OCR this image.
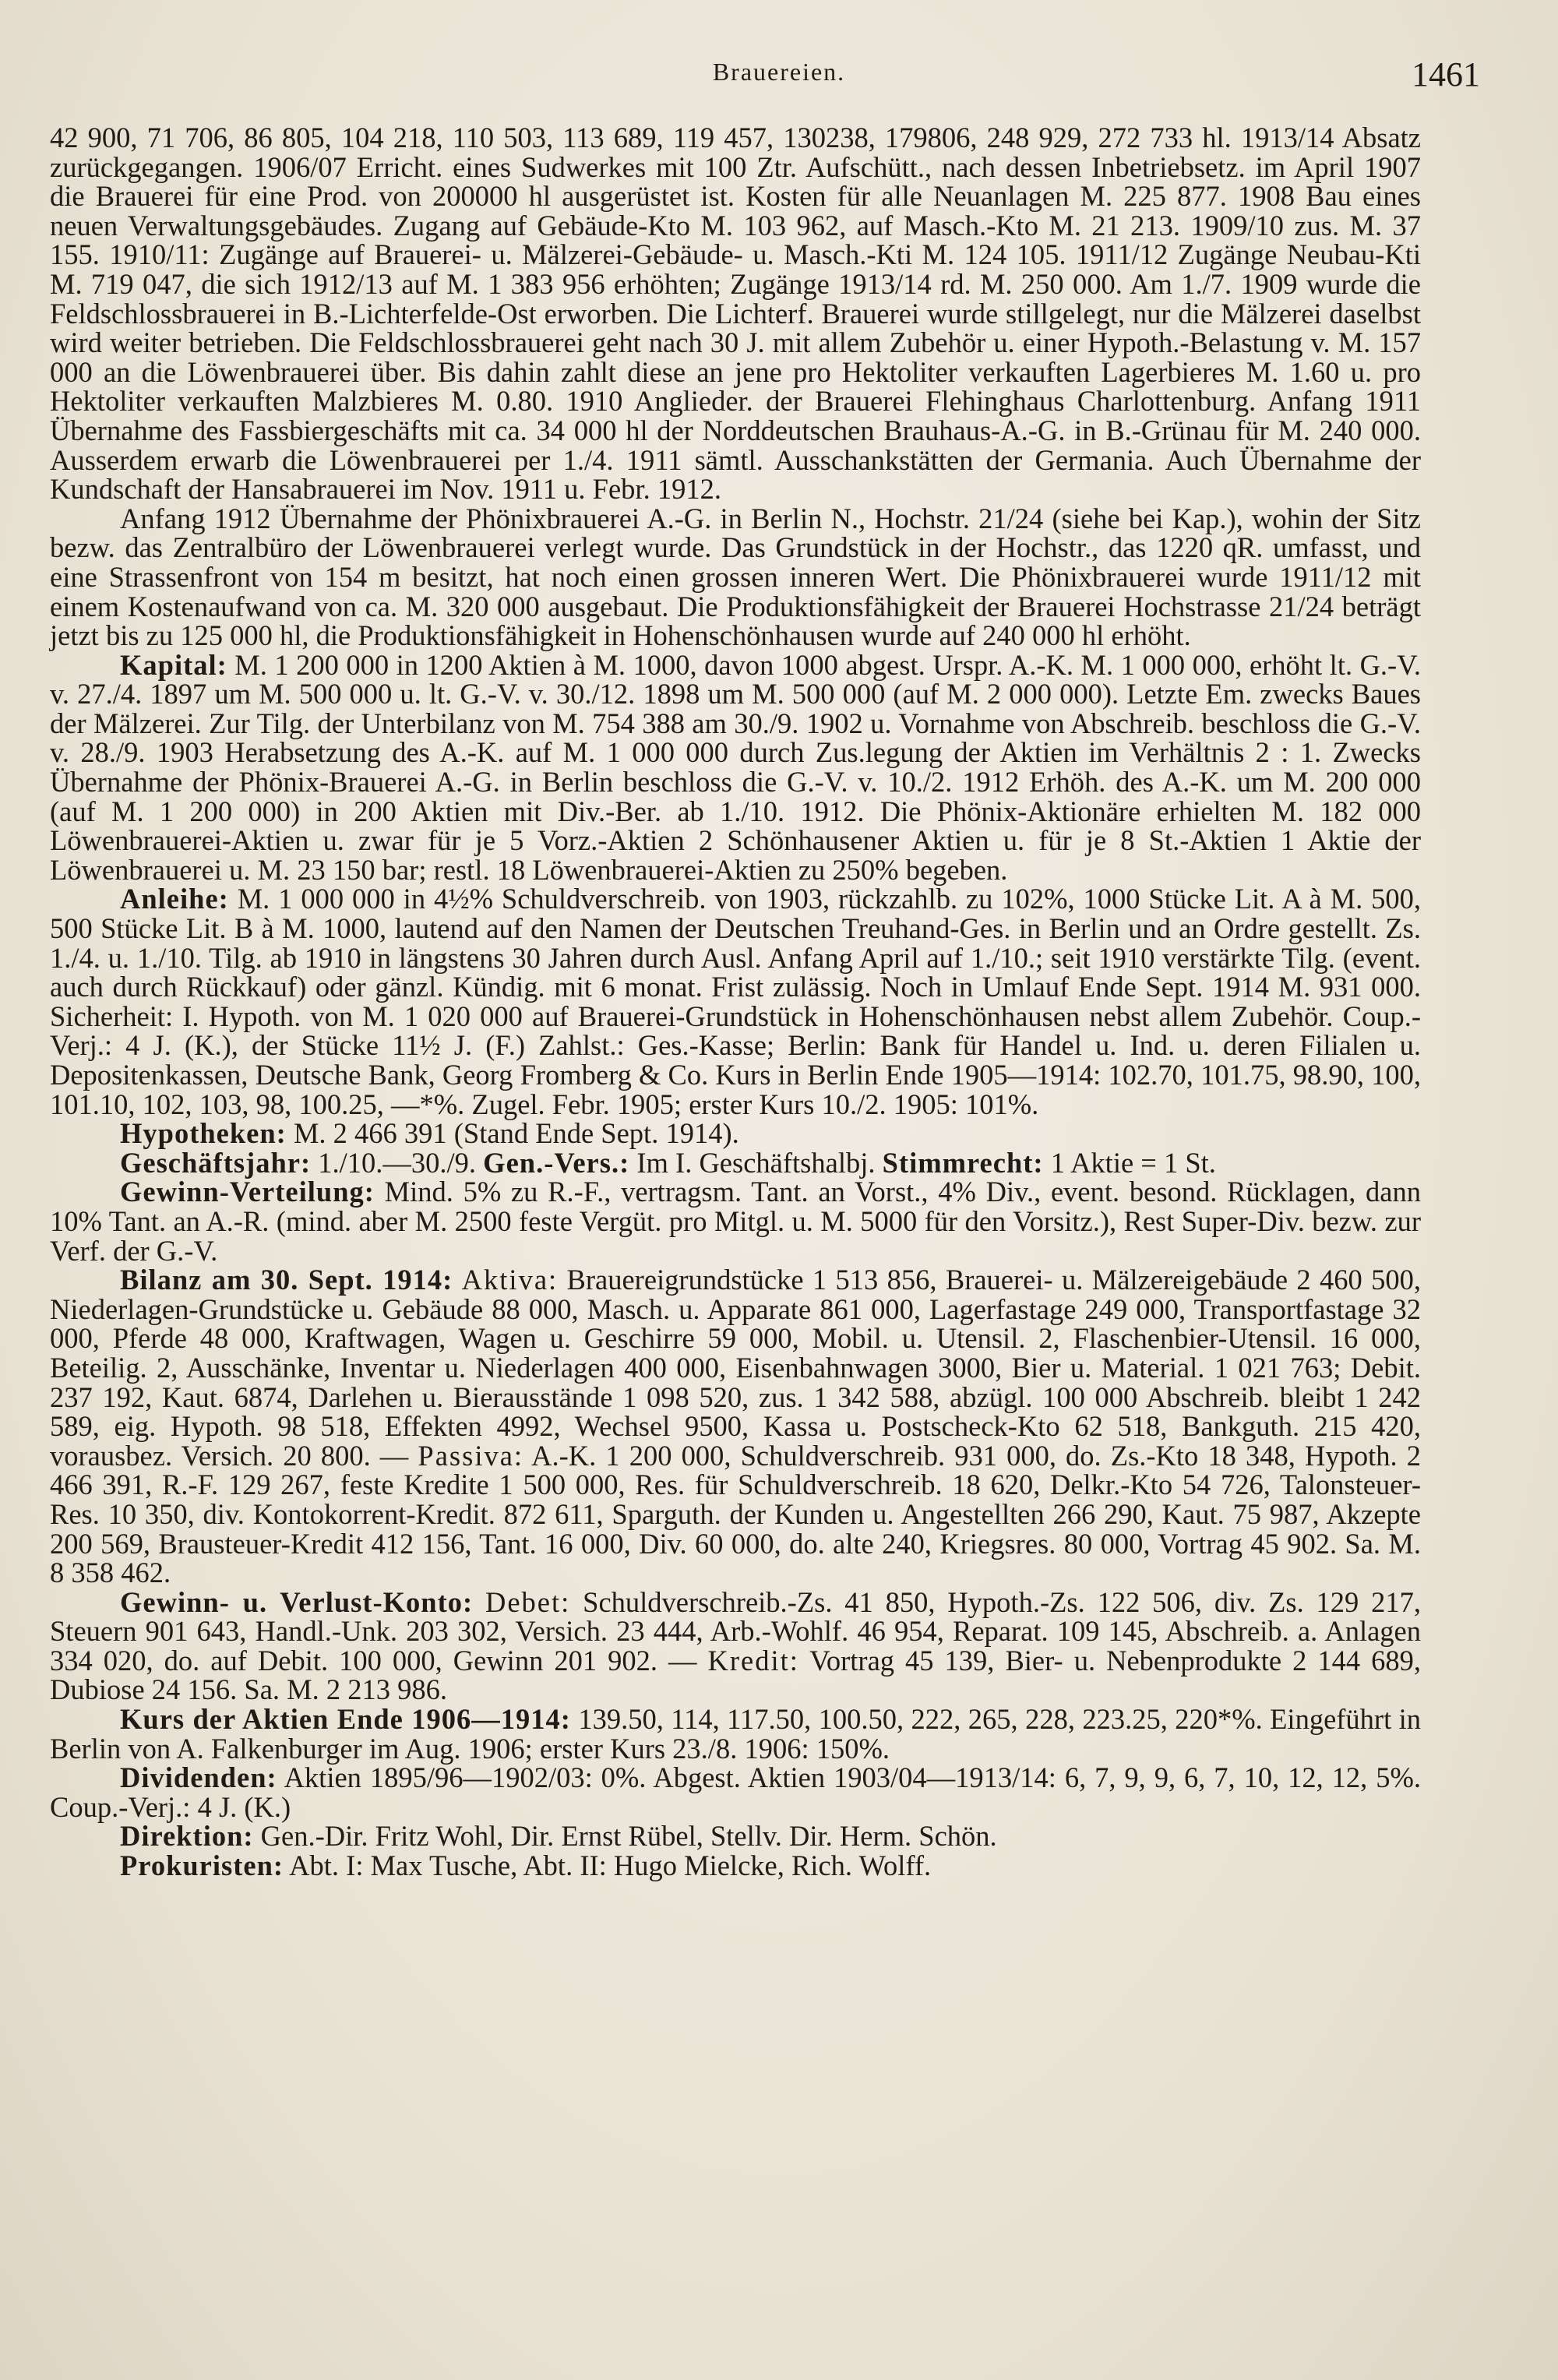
Brauereien.	1461

42 900, 71 706, 86 805, 104 218, 110 503, 113 689, 119 457, 130238, 179806, 248 929, 272 733 hl. 1913/14 Absatz zurückgegangen. 1906/07 Erricht. eines Sudwerkes mit 100 Ztr. Aufschütt., nach dessen Inbetriebsetz. im April 1907 die Brauerei für eine Prod. von 200000 hl ausgerüstet ist. Kosten für alle Neuanlagen M. 225 877. 1908 Bau eines neuen Verwaltungsgebäudes. Zugang auf Gebäude-Kto M. 103 962, auf Masch.-Kto M. 21 213. 1909/10 zus. M. 37 155. 1910/11: Zugänge auf Brauerei- u. Mälzerei-Gebäude- u. Masch.-Kti M. 124 105. 1911/12 Zugänge Neubau-Kti M. 719 047, die sich 1912/13 auf M. 1 383 956 erhöhten; Zugänge 1913/14 rd. M. 250 000. Am 1./7. 1909 wurde die Feldschlossbrauerei in B.-Lichterfelde-Ost erworben. Die Lichterf. Brauerei wurde stillgelegt, nur die Mälzerei daselbst wird weiter betrieben. Die Feldschlossbrauerei geht nach 30 J. mit allem Zubehör u. einer Hypoth.-Belastung v. M. 157 000 an die Löwenbrauerei über. Bis dahin zahlt diese an jene pro Hektoliter verkauften Lagerbieres M. 1.60 u. pro Hektoliter verkauften Malzbieres M. 0.80. 1910 Anglieder. der Brauerei Flehinghaus Charlottenburg. Anfang 1911 Übernahme des Fassbiergeschäfts mit ca. 34 000 hl der Norddeutschen Brauhaus-A.-G. in B.-Grünau für M. 240 000. Ausserdem erwarb die Löwenbrauerei per 1./4. 1911 sämtl. Ausschankstätten der Germania. Auch Übernahme der Kundschaft der Hansabrauerei im Nov. 1911 u. Febr. 1912.

Anfang 1912 Übernahme der Phönixbrauerei A.-G. in Berlin N., Hochstr. 21/24 (siehe bei Kap.), wohin der Sitz bezw. das Zentralbüro der Löwenbrauerei verlegt wurde. Das Grundstück in der Hochstr., das 1220 qR. umfasst, und eine Strassenfront von 154 m besitzt, hat noch einen grossen inneren Wert. Die Phönixbrauerei wurde 1911/12 mit einem Kostenaufwand von ca. M. 320 000 ausgebaut. Die Produktionsfähigkeit der Brauerei Hochstrasse 21/24 beträgt jetzt bis zu 125 000 hl, die Produktionsfähigkeit in Hohenschönhausen wurde auf 240 000 hl erhöht.

Kapital: M. 1 200 000 in 1200 Aktien à M. 1000, davon 1000 abgest. Urspr. A.-K. M. 1 000 000, erhöht lt. G.-V. v. 27./4. 1897 um M. 500 000 u. lt. G.-V. v. 30./12. 1898 um M. 500 000 (auf M. 2 000 000). Letzte Em. zwecks Baues der Mälzerei. Zur Tilg. der Unterbilanz von M. 754 388 am 30./9. 1902 u. Vornahme von Abschreib. beschloss die G.-V. v. 28./9. 1903 Herabsetzung des A.-K. auf M. 1 000 000 durch Zus.legung der Aktien im Verhältnis 2 : 1. Zwecks Übernahme der Phönix-Brauerei A.-G. in Berlin beschloss die G.-V. v. 10./2. 1912 Erhöh. des A.-K. um M. 200 000 (auf M. 1 200 000) in 200 Aktien mit Div.-Ber. ab 1./10. 1912. Die Phönix-Aktionäre erhielten M. 182 000 Löwenbrauerei-Aktien u. zwar für je 5 Vorz.-Aktien 2 Schönhausener Aktien u. für je 8 St.-Aktien 1 Aktie der Löwenbrauerei u. M. 23 150 bar; restl. 18 Löwenbrauerei-Aktien zu 250% begeben.

Anleihe: M. 1 000 000 in 4½% Schuldverschreib. von 1903, rückzahlb. zu 102%, 1000 Stücke Lit. A à M. 500, 500 Stücke Lit. B à M. 1000, lautend auf den Namen der Deutschen Treuhand-Ges. in Berlin und an Ordre gestellt. Zs. 1./4. u. 1./10. Tilg. ab 1910 in längstens 30 Jahren durch Ausl. Anfang April auf 1./10.; seit 1910 verstärkte Tilg. (event. auch durch Rückkauf) oder gänzl. Kündig. mit 6 monat. Frist zulässig. Noch in Umlauf Ende Sept. 1914 M. 931 000. Sicherheit: I. Hypoth. von M. 1 020 000 auf Brauerei-Grundstück in Hohenschönhausen nebst allem Zubehör. Coup.-Verj.: 4 J. (K.), der Stücke 11½ J. (F.) Zahlst.: Ges.-Kasse; Berlin: Bank für Handel u. Ind. u. deren Filialen u. Depositenkassen, Deutsche Bank, Georg Fromberg & Co. Kurs in Berlin Ende 1905—1914: 102.70, 101.75, 98.90, 100, 101.10, 102, 103, 98, 100.25, —*%. Zugel. Febr. 1905; erster Kurs 10./2. 1905: 101%.

Hypotheken: M. 2 466 391 (Stand Ende Sept. 1914).

Geschäftsjahr: 1./10.—30./9. Gen.-Vers.: Im I. Geschäftshalbj. Stimmrecht: 1 Aktie = 1 St.

Gewinn-Verteilung: Mind. 5% zu R.-F., vertragsm. Tant. an Vorst., 4% Div., event. besond. Rücklagen, dann 10% Tant. an A.-R. (mind. aber M. 2500 feste Vergüt. pro Mitgl. u. M. 5000 für den Vorsitz.), Rest Super-Div. bezw. zur Verf. der G.-V.

Bilanz am 30. Sept. 1914: Aktiva: Brauereigrundstücke 1 513 856, Brauerei- u. Mälzereigebäude 2 460 500, Niederlagen-Grundstücke u. Gebäude 88 000, Masch. u. Apparate 861 000, Lagerfastage 249 000, Transportfastage 32 000, Pferde 48 000, Kraftwagen, Wagen u. Geschirre 59 000, Mobil. u. Utensil. 2, Flaschenbier-Utensil. 16 000, Beteilig. 2, Ausschänke, Inventar u. Niederlagen 400 000, Eisenbahnwagen 3000, Bier u. Material. 1 021 763; Debit. 237 192, Kaut. 6874, Darlehen u. Bierausstände 1 098 520, zus. 1 342 588, abzügl. 100 000 Abschreib. bleibt 1 242 589, eig. Hypoth. 98 518, Effekten 4992, Wechsel 9500, Kassa u. Postscheck-Kto 62 518, Bankguth. 215 420, vorausbez. Versich. 20 800. — Passiva: A.-K. 1 200 000, Schuldverschreib. 931 000, do. Zs.-Kto 18 348, Hypoth. 2 466 391, R.-F. 129 267, feste Kredite 1 500 000, Res. für Schuldverschreib. 18 620, Delkr.-Kto 54 726, Talonsteuer-Res. 10 350, div. Kontokorrent-Kredit. 872 611, Sparguth. der Kunden u. Angestellten 266 290, Kaut. 75 987, Akzepte 200 569, Brausteuer-Kredit 412 156, Tant. 16 000, Div. 60 000, do. alte 240, Kriegsres. 80 000, Vortrag 45 902. Sa. M. 8 358 462.

Gewinn- u. Verlust-Konto: Debet: Schuldverschreib.-Zs. 41 850, Hypoth.-Zs. 122 506, div. Zs. 129 217, Steuern 901 643, Handl.-Unk. 203 302, Versich. 23 444, Arb.-Wohlf. 46 954, Reparat. 109 145, Abschreib. a. Anlagen 334 020, do. auf Debit. 100 000, Gewinn 201 902. — Kredit: Vortrag 45 139, Bier- u. Nebenprodukte 2 144 689, Dubiose 24 156. Sa. M. 2 213 986.

Kurs der Aktien Ende 1906—1914: 139.50, 114, 117.50, 100.50, 222, 265, 228, 223.25, 220*%. Eingeführt in Berlin von A. Falkenburger im Aug. 1906; erster Kurs 23./8. 1906: 150%.

Dividenden: Aktien 1895/96—1902/03: 0%. Abgest. Aktien 1903/04—1913/14: 6, 7, 9, 9, 6, 7, 10, 12, 12, 5%. Coup.-Verj.: 4 J. (K.)

Direktion: Gen.-Dir. Fritz Wohl, Dir. Ernst Rübel, Stellv. Dir. Herm. Schön.

Prokuristen: Abt. I: Max Tusche, Abt. II: Hugo Mielcke, Rich. Wolff.
